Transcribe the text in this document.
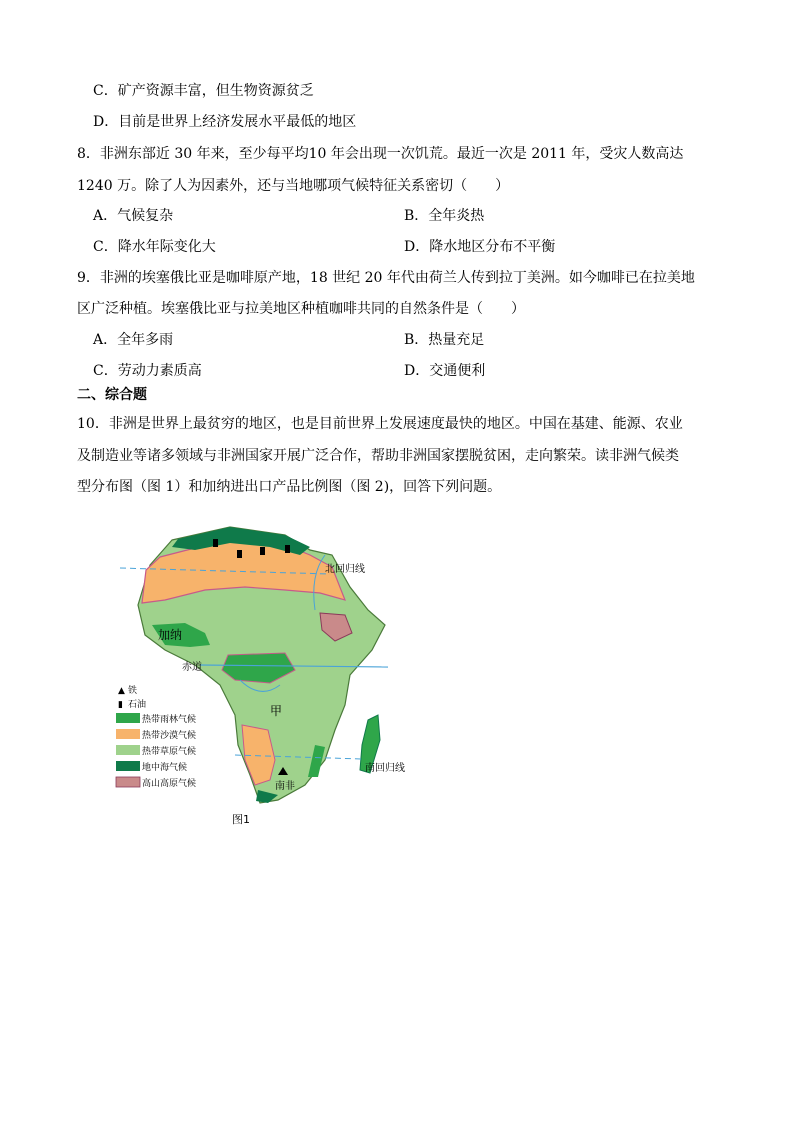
C．矿产资源丰富，但生物资源贫乏
D．目前是世界上经济发展水平最低的地区
8．非洲东部近 30 年来，至少每平均10 年会出现一次饥荒。最近一次是 2011 年，受灾人数高达
1240 万。除了人为因素外，还与当地哪项气候特征关系密切（　　）
A．气候复杂	B．全年炎热
C．降水年际变化大	D．降水地区分布不平衡
9．非洲的埃塞俄比亚是咖啡原产地，18 世纪 20 年代由荷兰人传到拉丁美洲。如今咖啡已在拉美地
区广泛种植。埃塞俄比亚与拉美地区种植咖啡共同的自然条件是（　　）
A．全年多雨	B．热量充足
C．劳动力素质高	D．交通便利
二、综合题
10．非洲是世界上最贫穷的地区，也是目前世界上发展速度最快的地区。中国在基建、能源、农业
及制造业等诸多领域与非洲国家开展广泛合作，帮助非洲国家摆脱贫困，走向繁荣。读非洲气候类
型分布图（图 1）和加纳进出口产品比例图（图 2)，回答下列问题。
北回归线
加纳
赤道
甲
南回归线
南非
▲ 铁
▮ 石油
热带雨林气候
热带沙漠气候
热带草原气候
地中海气候
高山高原气候
图1
